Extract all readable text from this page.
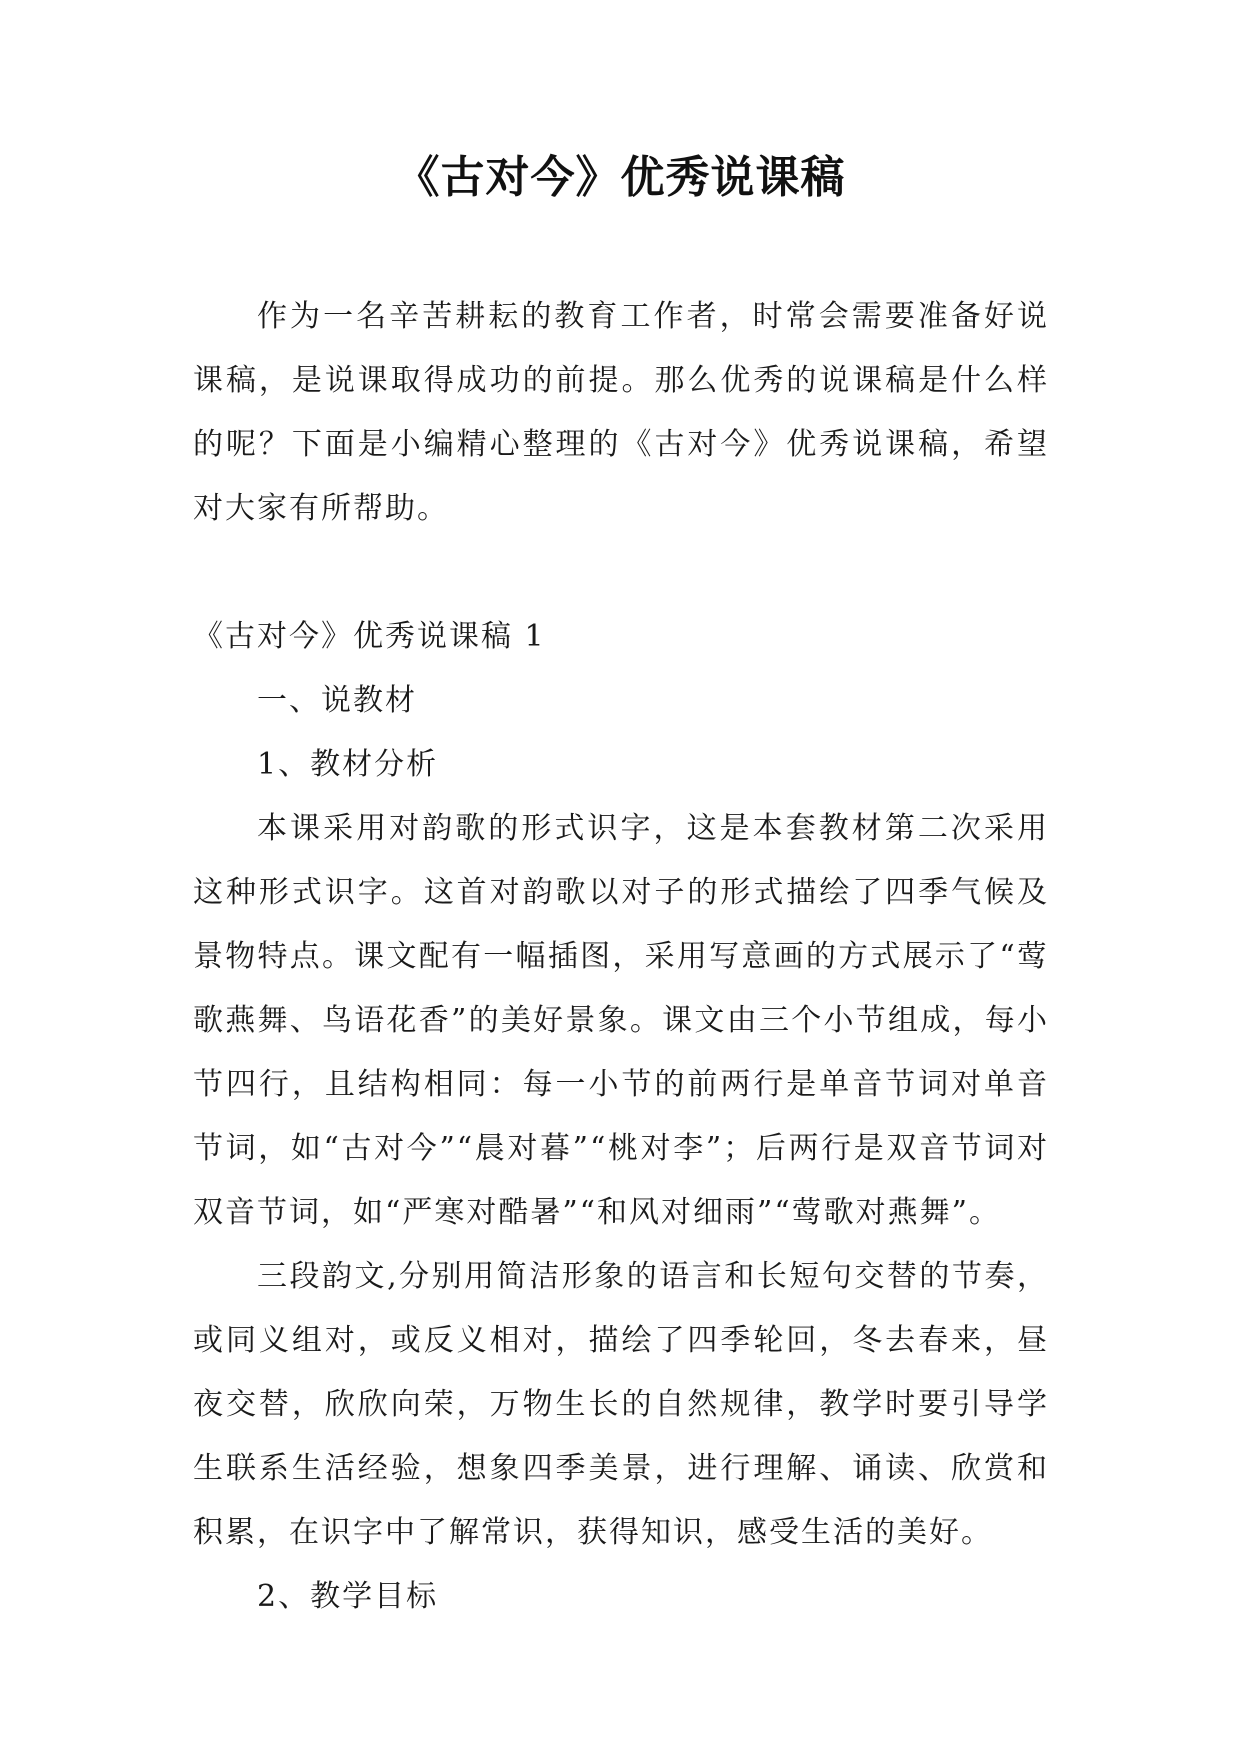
《古对今》优秀说课稿

作为一名辛苦耕耘的教育工作者，时常会需要准备好说课稿，是说课取得成功的前提。那么优秀的说课稿是什么样的呢？下面是小编精心整理的《古对今》优秀说课稿，希望对大家有所帮助。

《古对今》优秀说课稿 1

一、说教材

1、教材分析

本课采用对韵歌的形式识字，这是本套教材第二次采用这种形式识字。这首对韵歌以对子的形式描绘了四季气候及景物特点。课文配有一幅插图，采用写意画的方式展示了“莺歌燕舞、鸟语花香”的美好景象。课文由三个小节组成，每小节四行，且结构相同：每一小节的前两行是单音节词对单音节词，如“古对今”“晨对暮”“桃对李”；后两行是双音节词对双音节词，如“严寒对酷暑”“和风对细雨”“莺歌对燕舞”。

三段韵文,分别用简洁形象的语言和长短句交替的节奏，或同义组对，或反义相对，描绘了四季轮回，冬去春来，昼夜交替，欣欣向荣，万物生长的自然规律，教学时要引导学生联系生活经验，想象四季美景，进行理解、诵读、欣赏和积累，在识字中了解常识，获得知识，感受生活的美好。

2、教学目标
